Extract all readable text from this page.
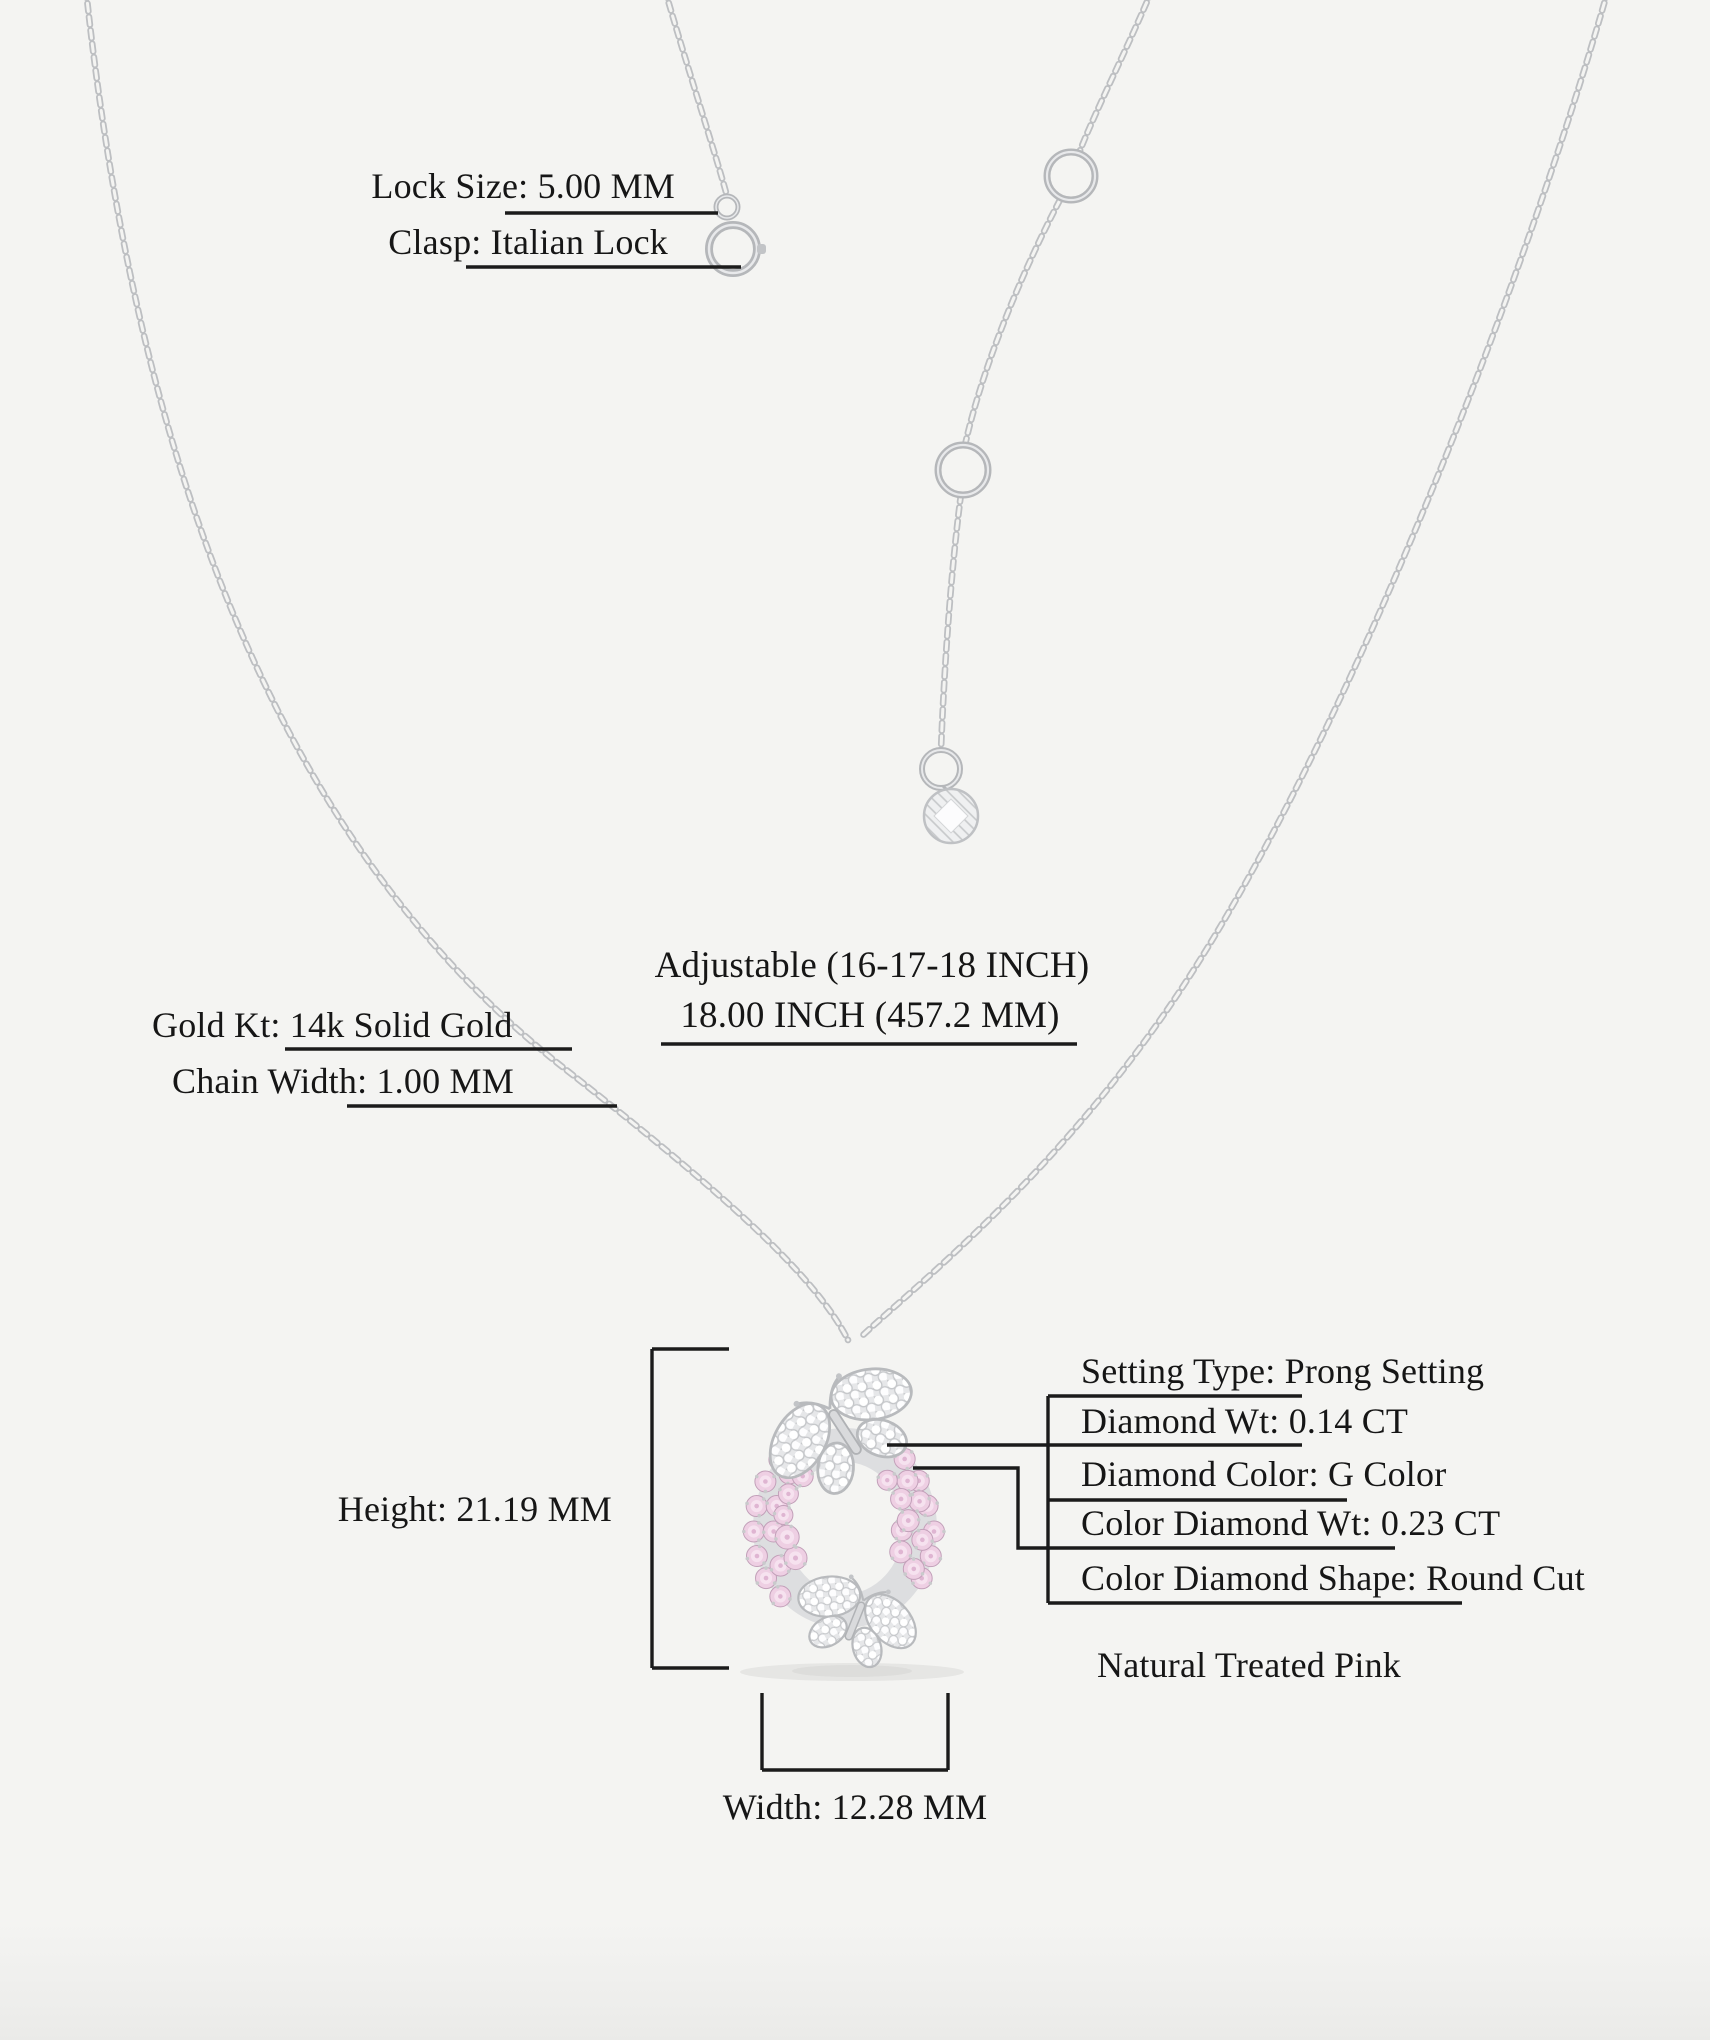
Lock Size: 5.00 MM
Clasp: Italian Lock
Adjustable (16-17-18 INCH)
18.00 INCH (457.2 MM)
Gold Kt: 14k Solid Gold
Chain Width: 1.00 MM
Setting Type: Prong Setting
Diamond Wt: 0.14 CT
Diamond Color: G Color
Color Diamond Wt: 0.23 CT
Color Diamond Shape: Round Cut
Natural Treated Pink
Height: 21.19 MM
Width: 12.28 MM
